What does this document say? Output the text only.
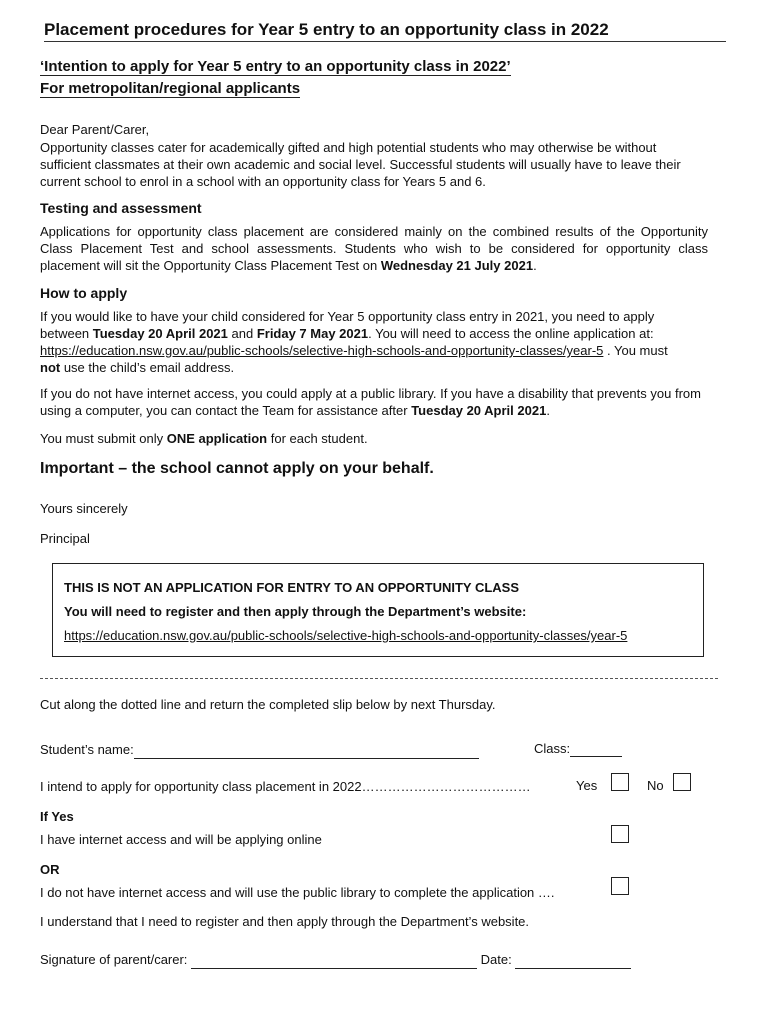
Placement procedures for Year 5 entry to an opportunity class in 2022
‘Intention to apply for Year 5 entry to an opportunity class in 2022’
For metropolitan/regional applicants
Dear Parent/Carer,
Opportunity classes cater for academically gifted and high potential students who may otherwise be without sufficient classmates at their own academic and social level. Successful students will usually have to leave their current school to enrol in a school with an opportunity class for Years 5 and 6.
Testing and assessment
Applications for opportunity class placement are considered mainly on the combined results of the Opportunity Class Placement Test and school assessments. Students who wish to be considered for opportunity class placement will sit the Opportunity Class Placement Test on Wednesday 21 July 2021.
How to apply
If you would like to have your child considered for Year 5 opportunity class entry in 2021, you need to apply between Tuesday 20 April 2021 and Friday 7 May 2021. You will need to access the online application at: https://education.nsw.gov.au/public-schools/selective-high-schools-and-opportunity-classes/year-5 . You must not use the child’s email address.
If you do not have internet access, you could apply at a public library. If you have a disability that prevents you from using a computer, you can contact the Team for assistance after Tuesday 20 April 2021.
You must submit only ONE application for each student.
Important – the school cannot apply on your behalf.
Yours sincerely
Principal
THIS IS NOT AN APPLICATION FOR ENTRY TO AN OPPORTUNITY CLASS
You will need to register and then apply through the Department’s website:
https://education.nsw.gov.au/public-schools/selective-high-schools-and-opportunity-classes/year-5
Cut along the dotted line and return the completed slip below by next Thursday.
Student’s name:	Class:
I intend to apply for opportunity class placement in 2022…………………………………	Yes	No
If Yes
I have internet access and will be applying online
OR
I do not have internet access and will use the public library to complete the application ….
I understand that I need to register and then apply through the Department’s website.
Signature of parent/carer:	Date:
